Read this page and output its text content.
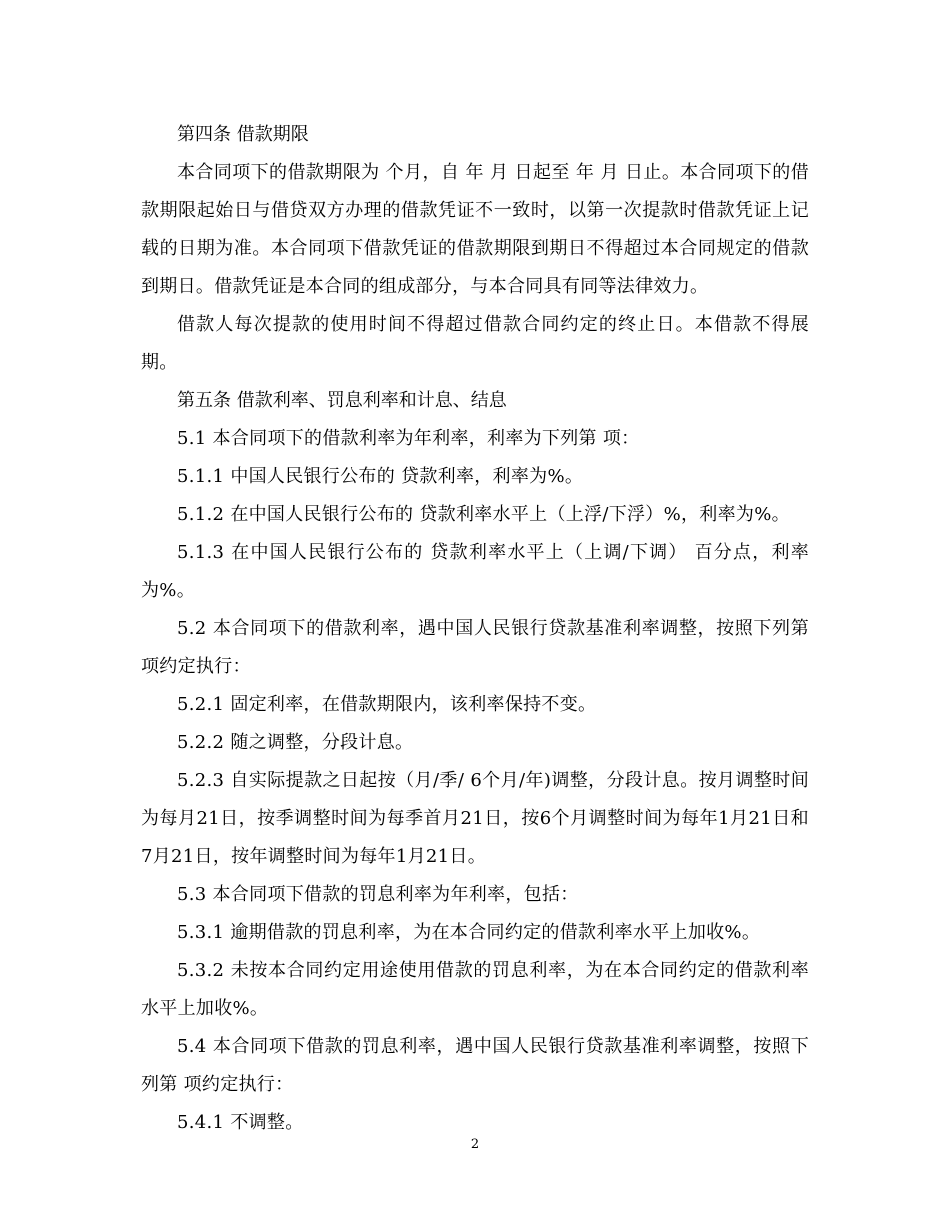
第四条 借款期限

本合同项下的借款期限为 个月，自 年 月 日起至 年 月 日止。本合同项下的借款期限起始日与借贷双方办理的借款凭证不一致时，以第一次提款时借款凭证上记载的日期为准。本合同项下借款凭证的借款期限到期日不得超过本合同规定的借款到期日。借款凭证是本合同的组成部分，与本合同具有同等法律效力。

借款人每次提款的使用时间不得超过借款合同约定的终止日。本借款不得展期。

第五条 借款利率、罚息利率和计息、结息

5.1 本合同项下的借款利率为年利率，利率为下列第 项：

5.1.1 中国人民银行公布的 贷款利率，利率为%。

5.1.2 在中国人民银行公布的 贷款利率水平上（上浮/下浮）%，利率为%。

5.1.3 在中国人民银行公布的 贷款利率水平上（上调/下调） 百分点，利率为%。

5.2 本合同项下的借款利率，遇中国人民银行贷款基准利率调整，按照下列第 项约定执行：

5.2.1 固定利率，在借款期限内，该利率保持不变。

5.2.2 随之调整，分段计息。

5.2.3 自实际提款之日起按（月/季/ 6个月/年)调整，分段计息。按月调整时间为每月21日，按季调整时间为每季首月21日，按6个月调整时间为每年1月21日和7月21日，按年调整时间为每年1月21日。

5.3 本合同项下借款的罚息利率为年利率，包括：

5.3.1 逾期借款的罚息利率，为在本合同约定的借款利率水平上加收%。

5.3.2 未按本合同约定用途使用借款的罚息利率，为在本合同约定的借款利率水平上加收%。

5.4 本合同项下借款的罚息利率，遇中国人民银行贷款基准利率调整，按照下列第 项约定执行：

5.4.1 不调整。

2
